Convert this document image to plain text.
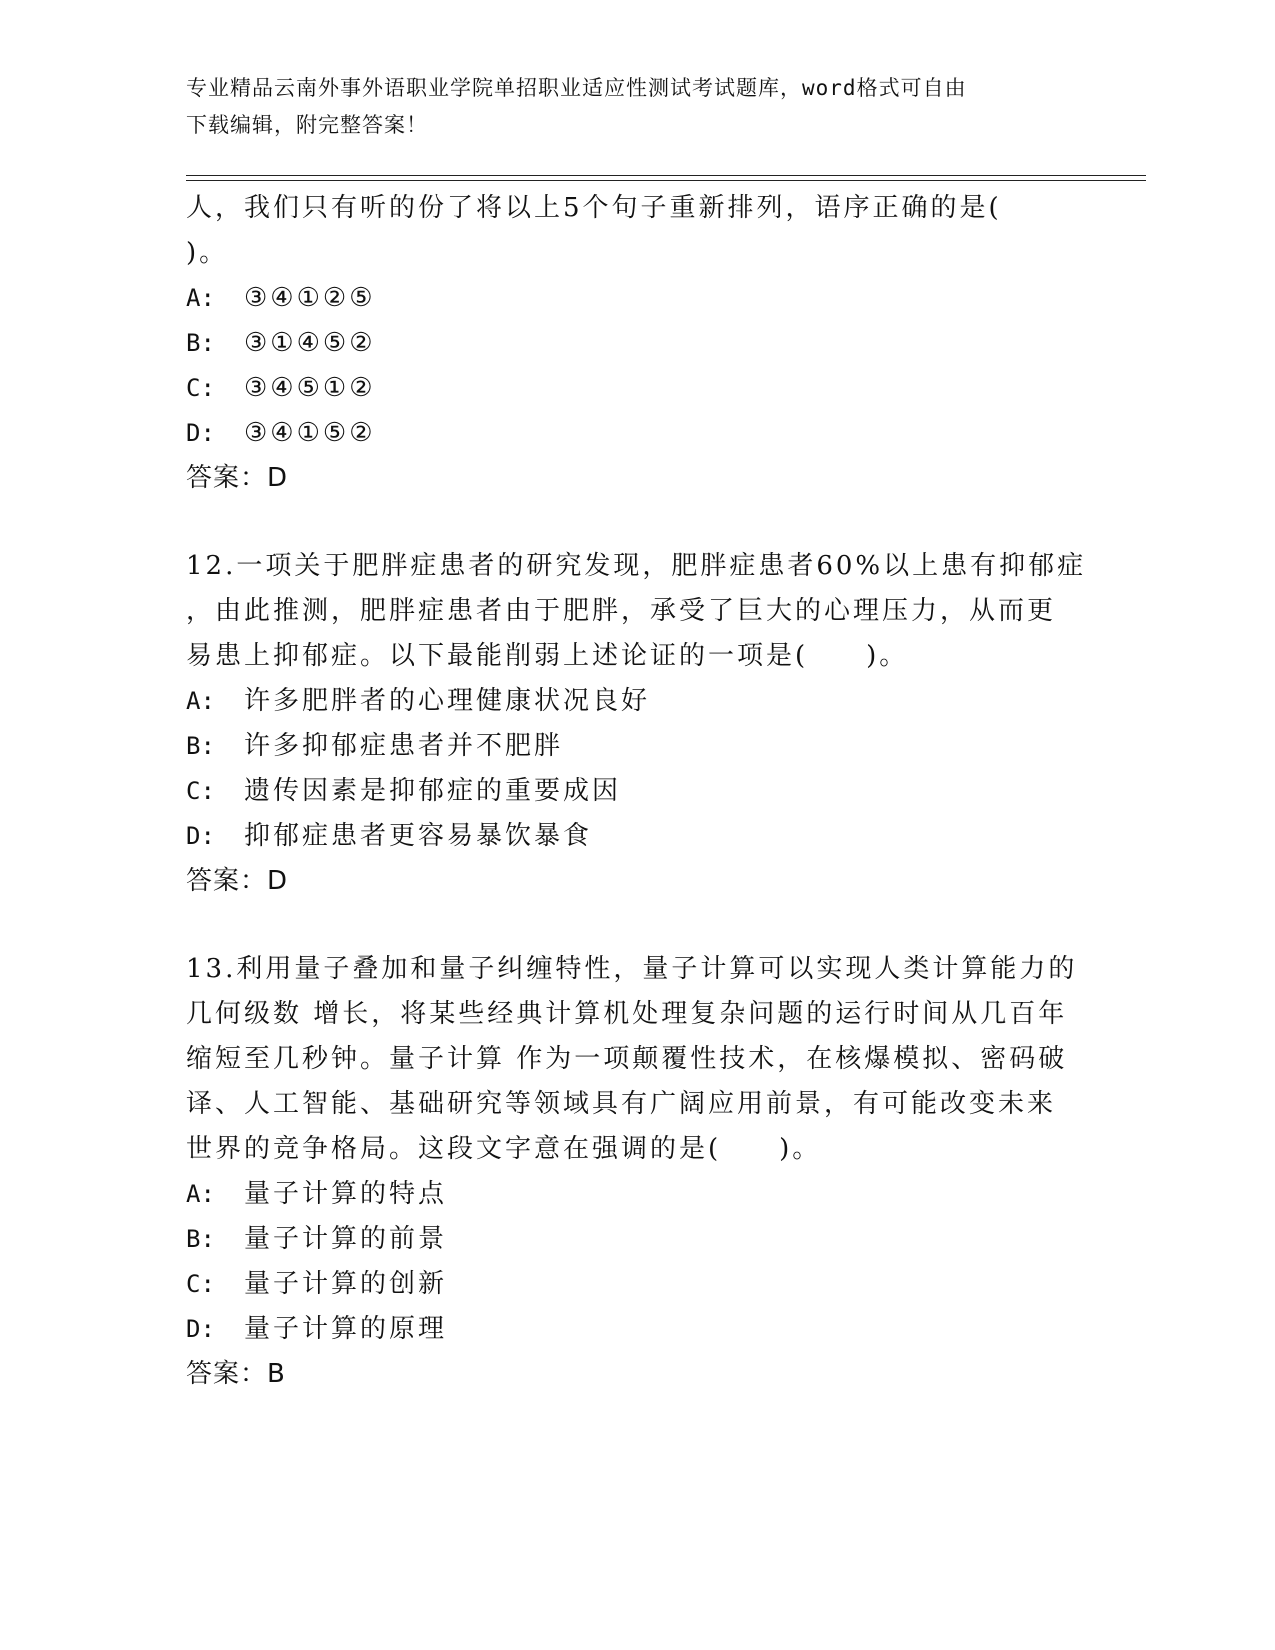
专业精品云南外事外语职业学院单招职业适应性测试考试题库，word格式可自由
下载编辑，附完整答案！
人，我们只有听的份了将以上5个句子重新排列，语序正确的是(
)。
A:	③④①②⑤
B:	③①④⑤②
C:	③④⑤①②
D:	③④①⑤②
答案：D
12.一项关于肥胖症患者的研究发现，肥胖症患者60%以上患有抑郁症
，由此推测，肥胖症患者由于肥胖，承受了巨大的心理压力，从而更
易患上抑郁症。以下最能削弱上述论证的一项是(　　)。
A:	许多肥胖者的心理健康状况良好
B:	许多抑郁症患者并不肥胖
C:	遗传因素是抑郁症的重要成因
D:	抑郁症患者更容易暴饮暴食
答案：D
13.利用量子叠加和量子纠缠特性，量子计算可以实现人类计算能力的
几何级数 增长，将某些经典计算机处理复杂问题的运行时间从几百年
缩短至几秒钟。量子计算 作为一项颠覆性技术，在核爆模拟、密码破
译、人工智能、基础研究等领域具有广阔应用前景，有可能改变未来
世界的竞争格局。这段文字意在强调的是(　　)。
A:	量子计算的特点
B:	量子计算的前景
C:	量子计算的创新
D:	量子计算的原理
答案：B
